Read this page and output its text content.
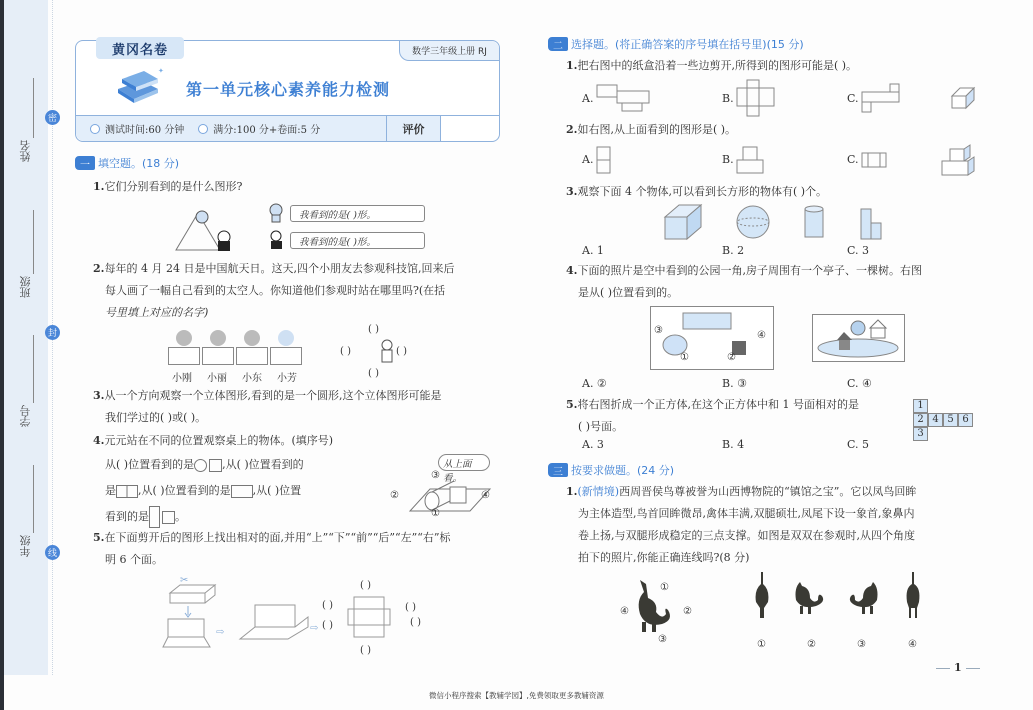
姓名
班级
学号
年级
密
封
线
黄冈名卷	数学三年级上册 RJ
✦
第一单元核心素养能力检测
测试时间:60 分钟	满分:100 分+卷面:5 分	评价
一 填空题。(18 分)
1.它们分别看到的是什么图形?
我看到的是( )形。
我看到的是( )形。
2.每年的 4 月 24 日是中国航天日。这天,四个小朋友去参观科技馆,回来后
每人画了一幅自己看到的太空人。你知道他们参观时站在哪里吗?(在括
号里填上对应的名字)
小刚 小丽 小东 小芳
( )
( )	( )
( )
3.从一个方向观察一个立体图形,看到的是一个圆形,这个立体图形可能是
我们学过的( )或( )。
4.元元站在不同的位置观察桌上的物体。(填序号)
从( )位置看到的是	,从( )位置看到的
是 ,从( )位置看到的是 ,从( )位置
看到的是 。
从上面看。
③
②	④
①
5.在下面剪开后的图形上找出相对的面,并用“上”“下”“前”“后”“左”“右”标
明 6 个面。
✂
⇨	⇨
( )
( )
( )
( )
( )
( )
二 选择题。(将正确答案的序号填在括号里)(15 分)
1.把右图中的纸盒沿着一些边剪开,所得到的图形可能是( )。
A.	B.	C.
2.如右图,从上面看到的图形是( )。
A.	B.	C.
3.观察下面 4 个物体,可以看到长方形的物体有( )个。
A. 1	B. 2	C. 3
4.下面的照片是空中看到的公园一角,房子周围有一个亭子、一棵树。右图
是从( )位置看到的。
③	④
①	②
A. ②	B. ③	C. ④
5.将右图折成一个正方体,在这个正方体中和 1 号面相对的是
( )号面。
1
2 4 5 6
3
A. 3	B. 4	C. 5
三 按要求做题。(24 分)
1.(新情境)西周晋侯鸟尊被誉为山西博物院的“镇馆之宝”。它以凤鸟回眸
为主体造型,鸟首回眸微昂,禽体丰满,双腿硕壮,凤尾下设一象首,象鼻内
卷上扬,与双腿形成稳定的三点支撑。如图是双双在参观时,从四个角度
拍下的照片,你能正确连线吗?(8 分)
①
②
③
④
①	②	③	④
1
微信小程序搜索【教辅学园】,免费领取更多教辅资源
